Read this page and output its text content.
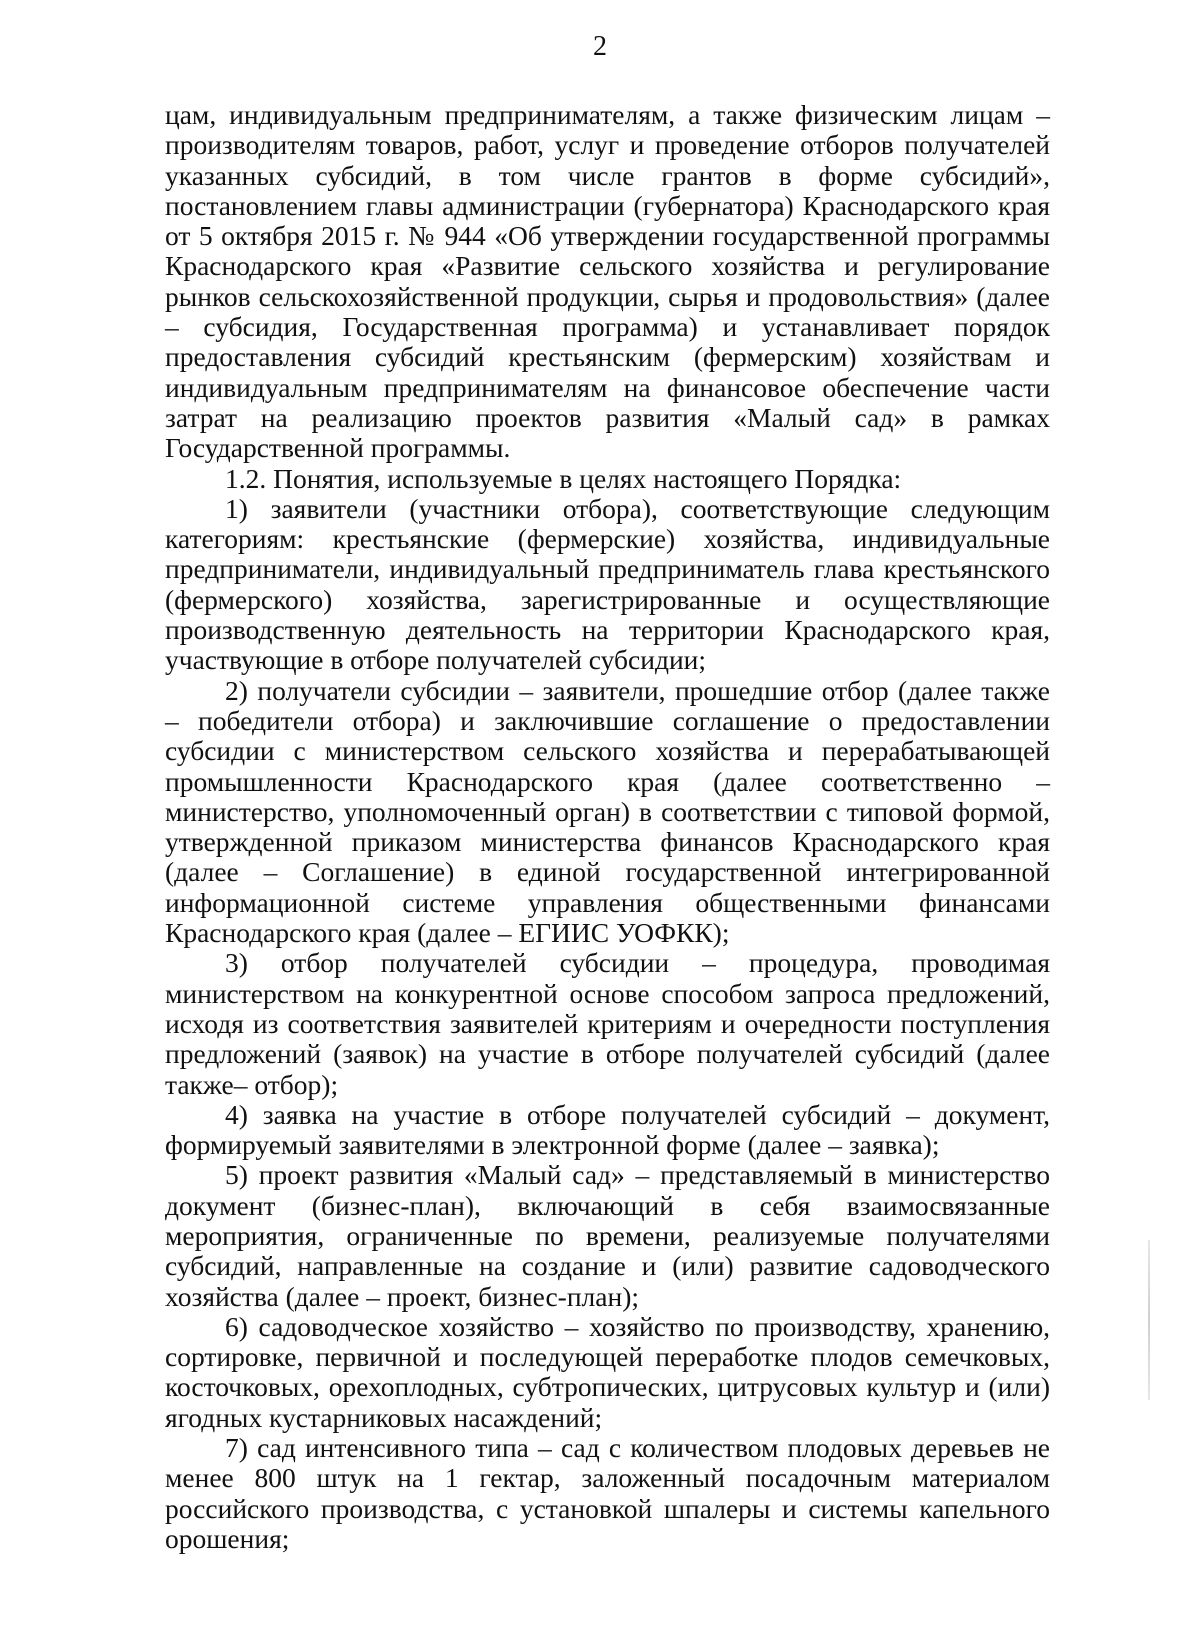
2

цам, индивидуальным предпринимателям, а также физическим лицам – производителям товаров, работ, услуг и проведение отборов получателей указанных субсидий, в том числе грантов в форме субсидий», постановлением главы администрации (губернатора) Краснодарского края от 5 октября 2015 г. № 944 «Об утверждении государственной программы Краснодарского края «Развитие сельского хозяйства и регулирование рынков сельскохозяйственной продукции, сырья и продовольствия» (далее – субсидия, Государственная программа) и устанавливает порядок предоставления субсидий крестьянским (фермерским) хозяйствам и индивидуальным предпринимателям на финансовое обеспечение части затрат на реализацию проектов развития «Малый сад» в рамках Государственной программы.

1.2. Понятия, используемые в целях настоящего Порядка:

1) заявители (участники отбора), соответствующие следующим категориям: крестьянские (фермерские) хозяйства, индивидуальные предприниматели, индивидуальный предприниматель глава крестьянского (фермерского) хозяйства, зарегистрированные и осуществляющие производственную деятельность на территории Краснодарского края, участвующие в отборе получателей субсидии;

2) получатели субсидии – заявители, прошедшие отбор (далее также – победители отбора) и заключившие соглашение о предоставлении субсидии с министерством сельского хозяйства и перерабатывающей промышленности Краснодарского края (далее соответственно – министерство, уполномоченный орган) в соответствии с типовой формой, утвержденной приказом министерства финансов Краснодарского края (далее – Соглашение) в единой государственной интегрированной информационной системе управления общественными финансами Краснодарского края (далее – ЕГИИС УОФКК);

3) отбор получателей субсидии – процедура, проводимая министерством на конкурентной основе способом запроса предложений, исходя из соответствия заявителей критериям и очередности поступления предложений (заявок) на участие в отборе получателей субсидий (далее также– отбор);

4) заявка на участие в отборе получателей субсидий – документ, формируемый заявителями в электронной форме (далее – заявка);

5) проект развития «Малый сад» – представляемый в министерство документ (бизнес-план), включающий в себя взаимосвязанные мероприятия, ограниченные по времени, реализуемые получателями субсидий, направленные на создание и (или) развитие садоводческого хозяйства (далее – проект, бизнес-план);

6) садоводческое хозяйство – хозяйство по производству, хранению, сортировке, первичной и последующей переработке плодов семечковых, косточковых, орехоплодных, субтропических, цитрусовых культур и (или) ягодных кустарниковых насаждений;

7) сад интенсивного типа – сад с количеством плодовых деревьев не менее 800 штук на 1 гектар, заложенный посадочным материалом российского производства, с установкой шпалеры и системы капельного орошения;
